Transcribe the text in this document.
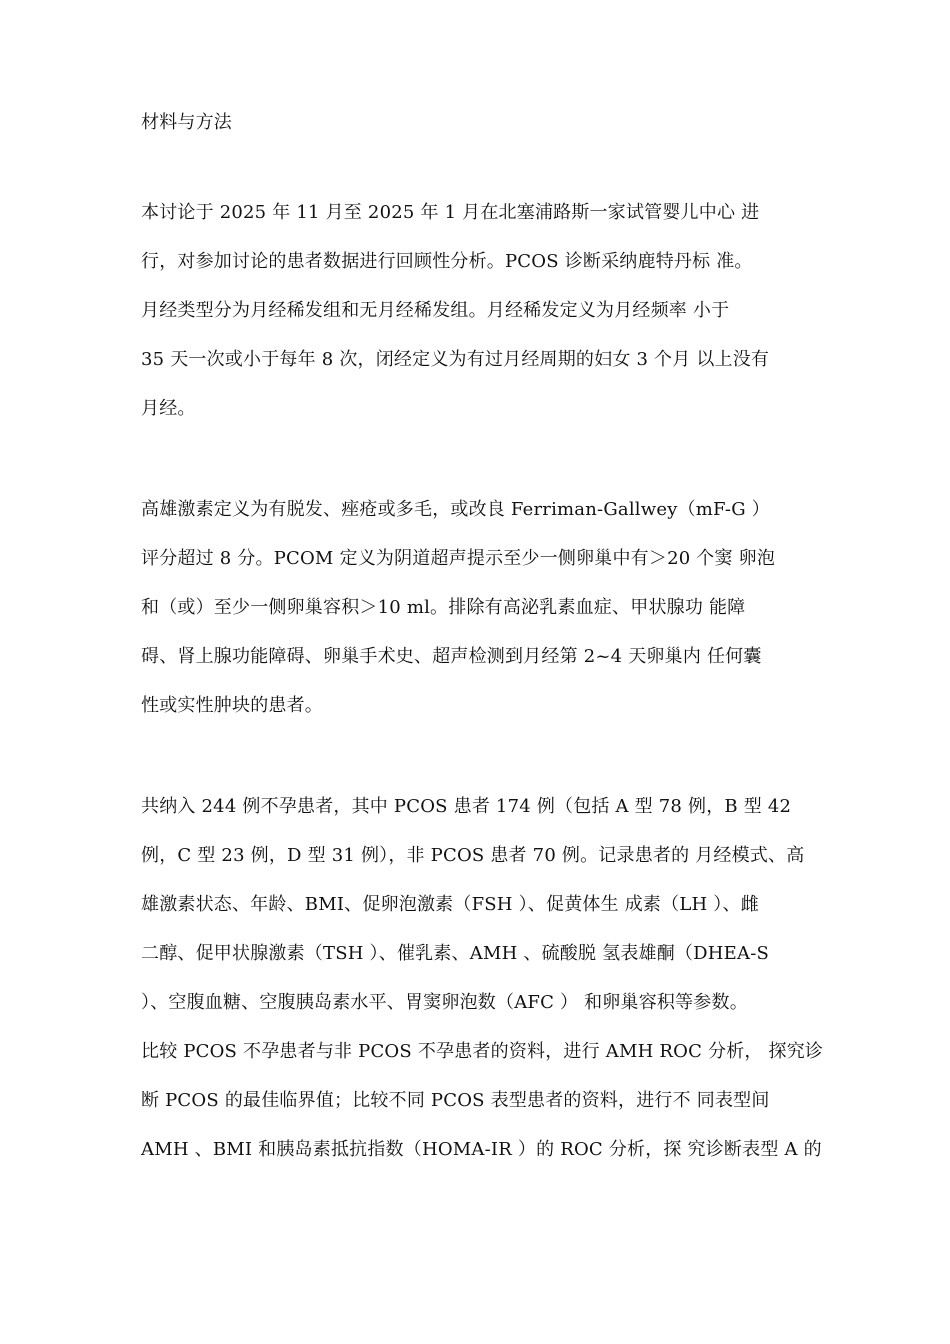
材料与方法
本讨论于 2025 年 11 月至 2025 年 1 月在北塞浦路斯一家试管婴儿中心 进
行，对参加讨论的患者数据进行回顾性分析。PCOS 诊断采纳鹿特丹标 准。
月经类型分为月经稀发组和无月经稀发组。月经稀发定义为月经频率 小于
35 天一次或小于每年 8 次，闭经定义为有过月经周期的妇女 3 个月 以上没有
月经。
高雄激素定义为有脱发、痤疮或多毛，或改良 Ferriman-Gallwey（mF-G ）
评分超过 8 分。PCOM 定义为阴道超声提示至少一侧卵巢中有＞20 个窦 卵泡
和（或）至少一侧卵巢容积＞10 ml。排除有高泌乳素血症、甲状腺功 能障
碍、肾上腺功能障碍、卵巢手术史、超声检测到月经第 2~4 天卵巢内 任何囊
性或实性肿块的患者。
共纳入 244 例不孕患者，其中 PCOS 患者 174 例（包括 A 型 78 例，B 型 42
例，C 型 23 例，D 型 31 例），非 PCOS 患者 70 例。记录患者的 月经模式、高
雄激素状态、年龄、BMI、促卵泡激素（FSH ）、促黄体生 成素（LH ）、雌
二醇、促甲状腺激素（TSH ）、催乳素、AMH 、硫酸脱 氢表雄酮（DHEA-S
）、空腹血糖、空腹胰岛素水平、胃窦卵泡数（AFC ） 和卵巢容积等参数。
比较 PCOS 不孕患者与非 PCOS 不孕患者的资料，进行 AMH ROC 分析， 探究诊
断 PCOS 的最佳临界值；比较不同 PCOS 表型患者的资料，进行不 同表型间
AMH 、BMI 和胰岛素抵抗指数（HOMA-IR ）的 ROC 分析，探 究诊断表型 A 的
